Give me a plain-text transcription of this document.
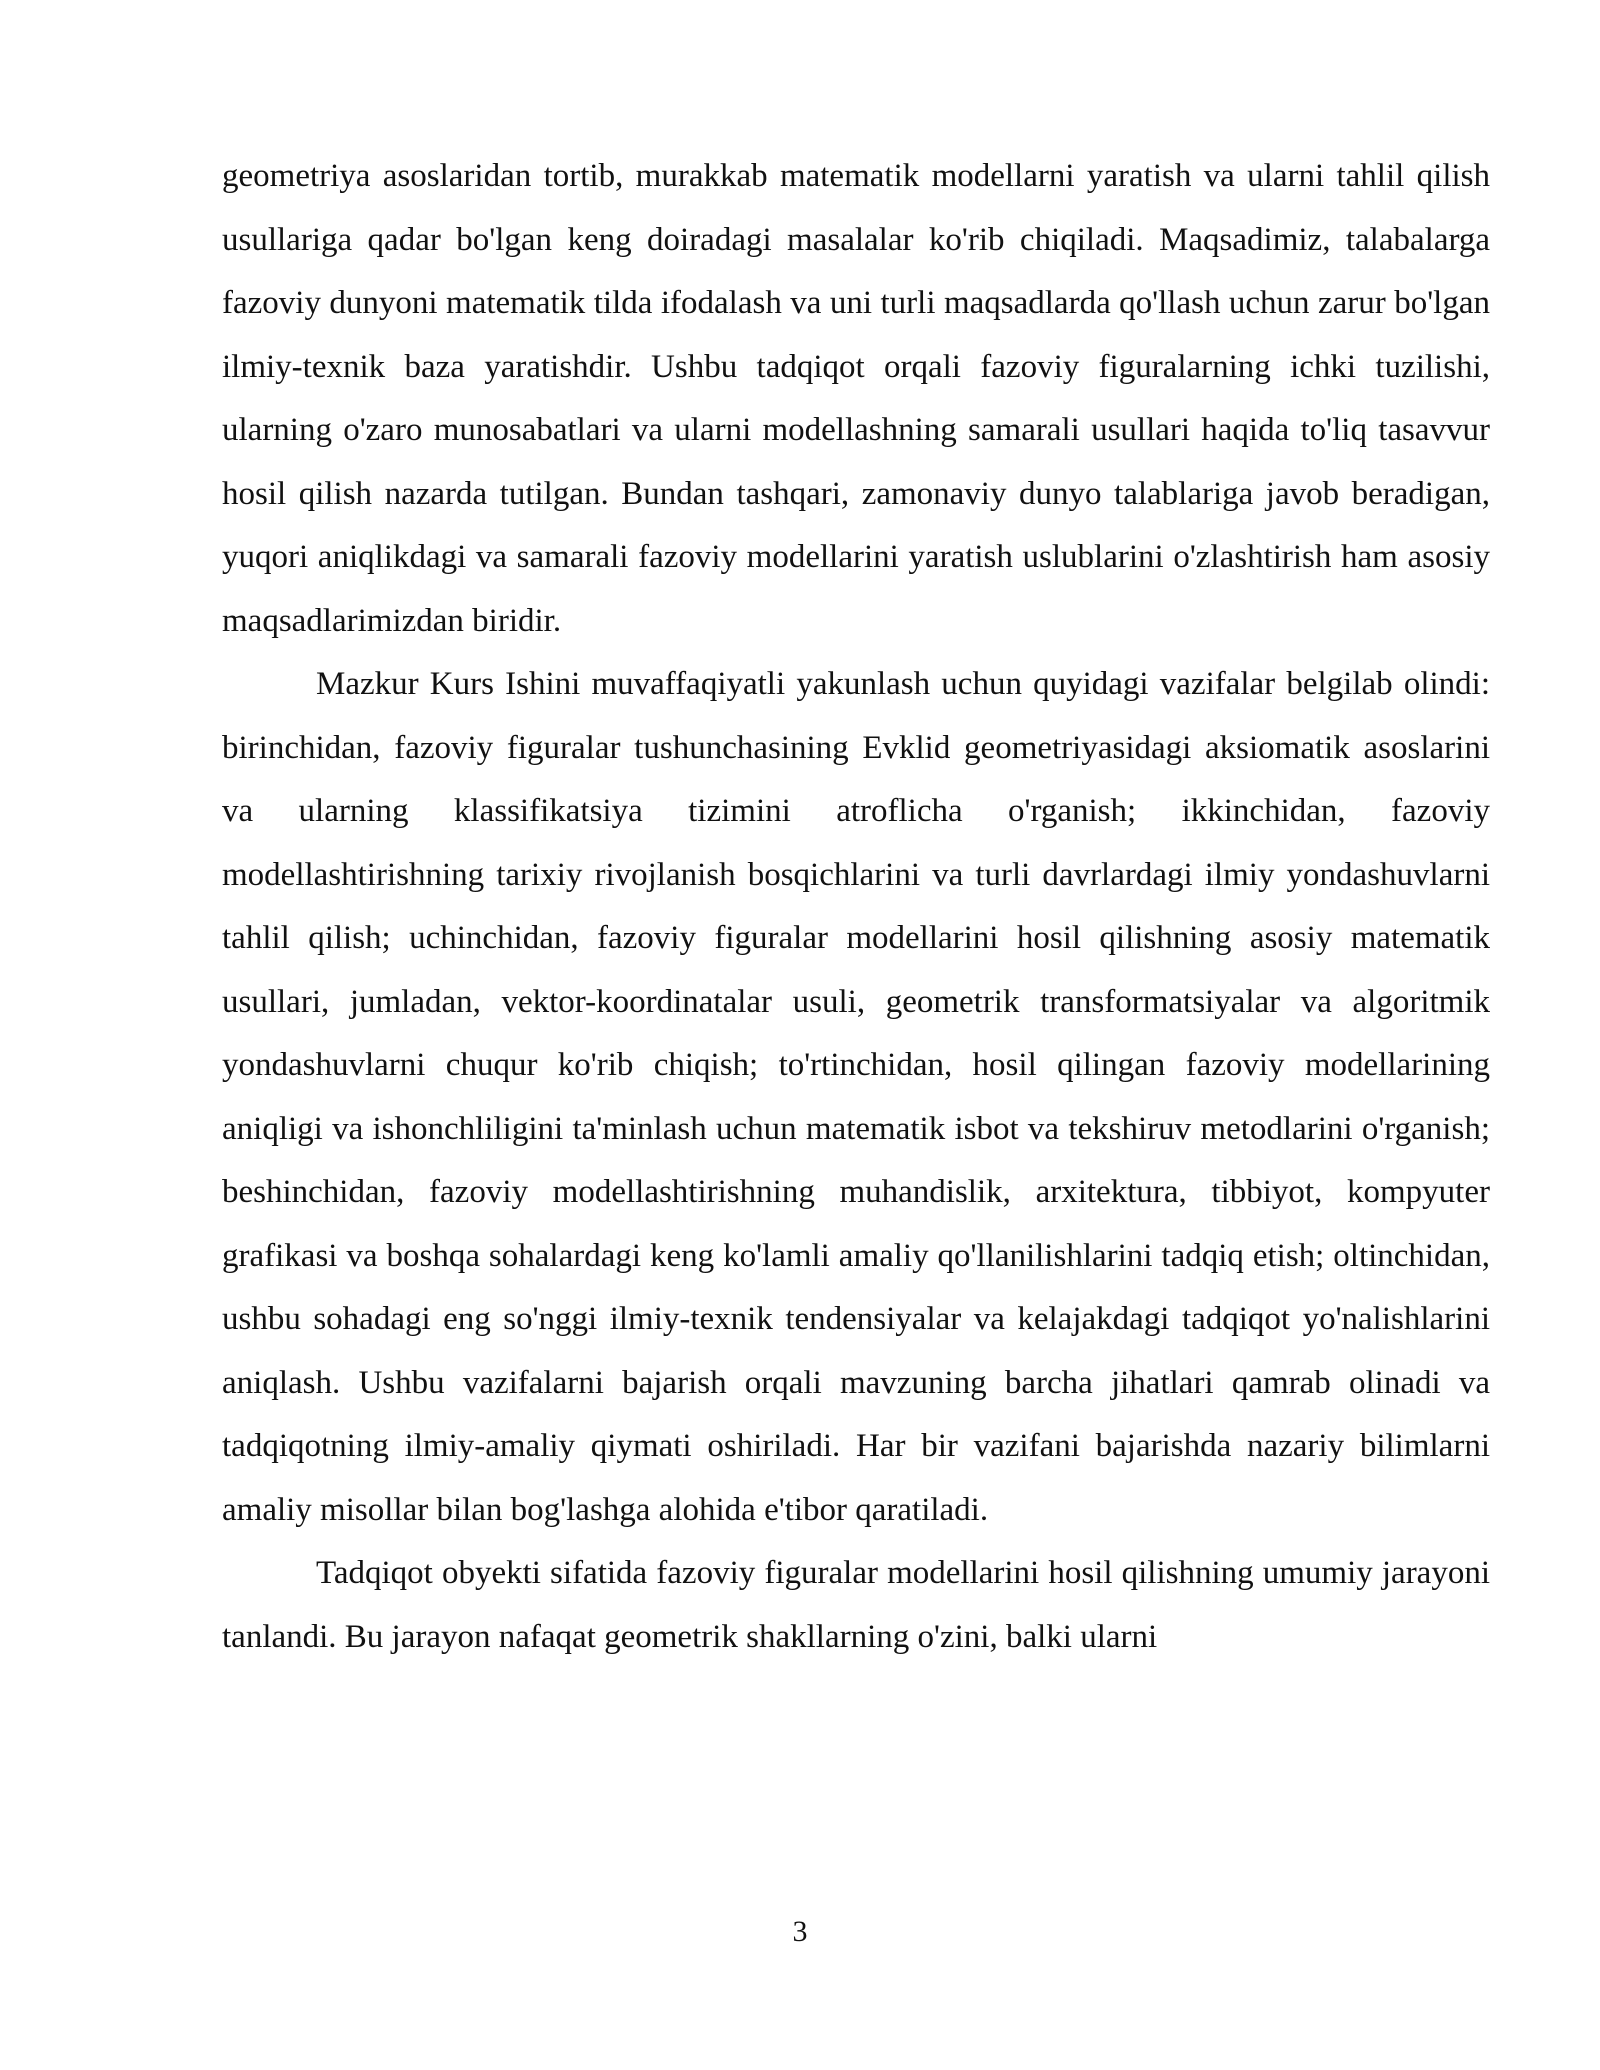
geometriya asoslaridan tortib, murakkab matematik modellarni yaratish va ularni tahlil qilish usullariga qadar bo'lgan keng doiradagi masalalar ko'rib chiqiladi. Maqsadimiz, talabalarga fazoviy dunyoni matematik tilda ifodalash va uni turli maqsadlarda qo'llash uchun zarur bo'lgan ilmiy-texnik baza yaratishdir. Ushbu tadqiqot orqali fazoviy figuralarning ichki tuzilishi, ularning o'zaro munosabatlari va ularni modellashning samarali usullari haqida to'liq tasavvur hosil qilish nazarda tutilgan. Bundan tashqari, zamonaviy dunyo talablariga javob beradigan, yuqori aniqlikdagi va samarali fazoviy modellarini yaratish uslublarini o'zlashtirish ham asosiy maqsadlarimizdan biridir.

Mazkur Kurs Ishini muvaffaqiyatli yakunlash uchun quyidagi vazifalar belgilab olindi: birinchidan, fazoviy figuralar tushunchasining Evklid geometriyasidagi aksiomatik asoslarini va ularning klassifikatsiya tizimini atroflicha o'rganish; ikkinchidan, fazoviy modellashtirishning tarixiy rivojlanish bosqichlarini va turli davrlardagi ilmiy yondashuvlarni tahlil qilish; uchinchidan, fazoviy figuralar modellarini hosil qilishning asosiy matematik usullari, jumladan, vektor-koordinatalar usuli, geometrik transformatsiyalar va algoritmik yondashuvlarni chuqur ko'rib chiqish; to'rtinchidan, hosil qilingan fazoviy modellarining aniqligi va ishonchliligini ta'minlash uchun matematik isbot va tekshiruv metodlarini o'rganish; beshinchidan, fazoviy modellashtirishning muhandislik, arxitektura, tibbiyot, kompyuter grafikasi va boshqa sohalardagi keng ko'lamli amaliy qo'llanilishlarini tadqiq etish; oltinchidan, ushbu sohadagi eng so'nggi ilmiy-texnik tendensiyalar va kelajakdagi tadqiqot yo'nalishlarini aniqlash. Ushbu vazifalarni bajarish orqali mavzuning barcha jihatlari qamrab olinadi va tadqiqotning ilmiy-amaliy qiymati oshiriladi. Har bir vazifani bajarishda nazariy bilimlarni amaliy misollar bilan bog'lashga alohida e'tibor qaratiladi.

Tadqiqot obyekti sifatida fazoviy figuralar modellarini hosil qilishning umumiy jarayoni tanlandi. Bu jarayon nafaqat geometrik shakllarning o'zini, balki ularni

3
